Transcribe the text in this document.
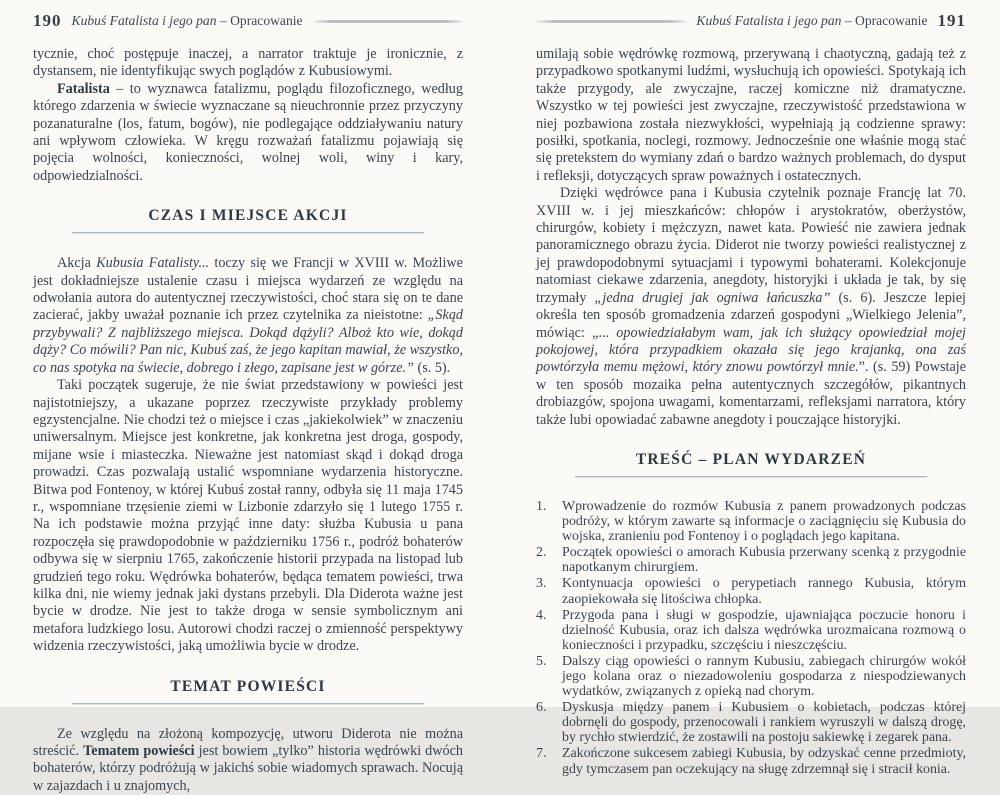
190 Kubuś Fatalista i jego pan – Opracowanie

tycznie, choć postępuje inaczej, a narrator traktuje je ironicznie, z dystansem, nie identyfikując swych poglądów z Kubusiowymi.

Fatalista – to wyznawca fatalizmu, poglądu filozoficznego, według którego zdarzenia w świecie wyznaczane są nieuchronnie przez przyczyny pozanaturalne (los, fatum, bogów), nie podlegające oddziaływaniu natury ani wpływom człowieka. W kręgu rozważań fatalizmu pojawiają się pojęcia wolności, konieczności, wolnej woli, winy i kary, odpowiedzialności.

CZAS I MIEJSCE AKCJI

Akcja Kubusia Fatalisty... toczy się we Francji w XVIII w. Możliwe jest dokładniejsze ustalenie czasu i miejsca wydarzeń ze względu na odwołania autora do autentycznej rzeczywistości, choć stara się on te dane zacierać, jakby uważał poznanie ich przez czytelnika za nieistotne: „Skąd przybywali? Z najbliższego miejsca. Dokąd dążyli? Alboż kto wie, dokąd dąży? Co mówili? Pan nic, Kubuś zaś, że jego kapitan mawiał, że wszystko, co nas spotyka na świecie, dobrego i złego, zapisane jest w górze.” (s. 5).

Taki początek sugeruje, że nie świat przedstawiony w powieści jest najistotniejszy, a ukazane poprzez rzeczywiste przykłady problemy egzystencjalne. Nie chodzi też o miejsce i czas „jakiekolwiek” w znaczeniu uniwersalnym. Miejsce jest konkretne, jak konkretna jest droga, gospody, mijane wsie i miasteczka. Nieważne jest natomiast skąd i dokąd droga prowadzi. Czas pozwalają ustalić wspomniane wydarzenia historyczne. Bitwa pod Fontenoy, w której Kubuś został ranny, odbyła się 11 maja 1745 r., wspomniane trzęsienie ziemi w Lizbonie zdarzyło się 1 lutego 1755 r. Na ich podstawie można przyjąć inne daty: służba Kubusia u pana rozpoczęła się prawdopodobnie w październiku 1756 r., podróż bohaterów odbywa się w sierpniu 1765, zakończenie historii przypada na listopad lub grudzień tego roku. Wędrówka bohaterów, będąca tematem powieści, trwa kilka dni, nie wiemy jednak jaki dystans przebyli. Dla Diderota ważne jest bycie w drodze. Nie jest to także droga w sensie symbolicznym ani metafora ludzkiego losu. Autorowi chodzi raczej o zmienność perspektywy widzenia rzeczywistości, jaką umożliwia bycie w drodze.

TEMAT POWIEŚCI

Ze względu na złożoną kompozycję, utworu Diderota nie można streścić. Tematem powieści jest bowiem „tylko” historia wędrówki dwóch bohaterów, którzy podróżują w jakichś sobie wiadomych sprawach. Nocują w zajazdach i u znajomych,

Kubuś Fatalista i jego pan – Opracowanie 191

umilają sobie wędrówkę rozmową, przerywaną i chaotyczną, gadają też z przypadkowo spotkanymi ludźmi, wysłuchują ich opowieści. Spotykają ich także przygody, ale zwyczajne, raczej komiczne niż dramatyczne. Wszystko w tej powieści jest zwyczajne, rzeczywistość przedstawiona w niej pozbawiona została niezwykłości, wypełniają ją codzienne sprawy: posiłki, spotkania, noclegi, rozmowy. Jednocześnie one właśnie mogą stać się pretekstem do wymiany zdań o bardzo ważnych problemach, do dysput i refleksji, dotyczących spraw poważnych i ostatecznych.

Dzięki wędrówce pana i Kubusia czytelnik poznaje Francję lat 70. XVIII w. i jej mieszkańców: chłopów i arystokratów, oberżystów, chirurgów, kobiety i mężczyzn, nawet kata. Powieść nie zawiera jednak panoramicznego obrazu życia. Diderot nie tworzy powieści realistycznej z jej prawdopodobnymi sytuacjami i typowymi bohaterami. Kolekcjonuje natomiast ciekawe zdarzenia, anegdoty, historyjki i układa je tak, by się trzymały „jedna drugiej jak ogniwa łańcuszka” (s. 6). Jeszcze lepiej określa ten sposób gromadzenia zdarzeń gospodyni „Wielkiego Jelenia”, mówiąc: „... opowiedziałabym wam, jak ich służący opowiedział mojej pokojowej, która przypadkiem okazała się jego krajanką, ona zaś powtórzyła memu mężowi, który znowu powtórzył mnie.”. (s. 59) Powstaje w ten sposób mozaika pełna autentycznych szczegółów, pikantnych drobiazgów, spojona uwagami, komentarzami, refleksjami narratora, który także lubi opowiadać zabawne anegdoty i pouczające historyjki.

TREŚĆ – PLAN WYDARZEŃ
1.	Wprowadzenie do rozmów Kubusia z panem prowadzonych podczas podróży, w którym zawarte są informacje o zaciągnięciu się Kubusia do wojska, zranieniu pod Fontenoy i o poglądach jego kapitana.
2.	Początek opowieści o amorach Kubusia przerwany scenką z przygodnie napotkanym chirurgiem.
3.	Kontynuacja opowieści o perypetiach rannego Kubusia, którym zaopiekowała się litościwa chłopka.
4.	Przygoda pana i sługi w gospodzie, ujawniająca poczucie honoru i dzielność Kubusia, oraz ich dalsza wędrówka urozmaicana rozmową o konieczności i przypadku, szczęściu i nieszczęściu.
5.	Dalszy ciąg opowieści o rannym Kubusiu, zabiegach chirurgów wokół jego kolana oraz o niezadowoleniu gospodarza z niespodziewanych wydatków, związanych z opieką nad chorym.
6.	Dyskusja między panem i Kubusiem o kobietach, podczas której dobrnęli do gospody, przenocowali i rankiem wyruszyli w dalszą drogę, by rychło stwierdzić, że zostawili na postoju sakiewkę i zegarek pana.
7.	Zakończone sukcesem zabiegi Kubusia, by odzyskać cenne przedmioty, gdy tymczasem pan oczekujący na sługę zdrzemnął się i stracił konia.
